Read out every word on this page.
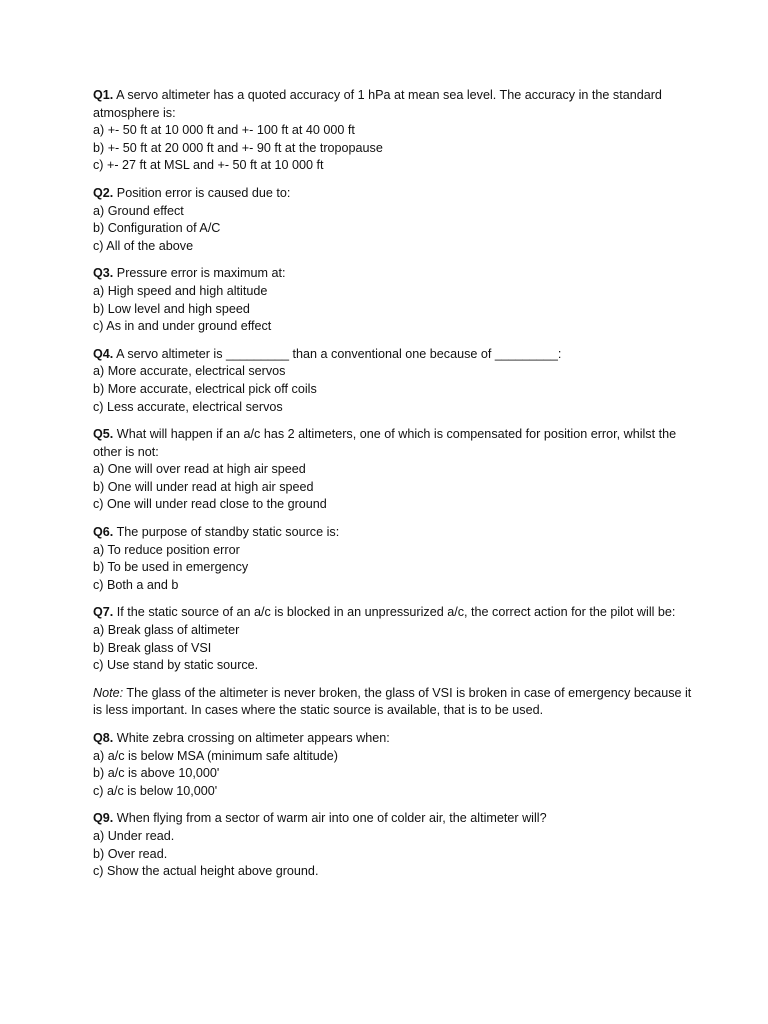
Q1. A servo altimeter has a quoted accuracy of 1 hPa at mean sea level. The accuracy in the standard atmosphere is:
a) +- 50 ft at 10 000 ft and +- 100 ft at 40 000 ft
b) +- 50 ft at 20 000 ft and +- 90 ft at the tropopause
c) +- 27 ft at MSL and +- 50 ft at 10 000 ft
Q2. Position error is caused due to:
a) Ground effect
b) Configuration of A/C
c) All of the above
Q3. Pressure error is maximum at:
a) High speed and high altitude
b) Low level and high speed
c) As in and under ground effect
Q4. A servo altimeter is _________ than a conventional one because of _________:
a) More accurate, electrical servos
b) More accurate, electrical pick off coils
c) Less accurate, electrical servos
Q5. What will happen if an a/c has 2 altimeters, one of which is compensated for position error, whilst the other is not:
a) One will over read at high air speed
b) One will under read at high air speed
c) One will under read close to the ground
Q6. The purpose of standby static source is:
a) To reduce position error
b) To be used in emergency
c) Both a and b
Q7. If the static source of an a/c is blocked in an unpressurized a/c, the correct action for the pilot will be:
a) Break glass of altimeter
b) Break glass of VSI
c) Use stand by static source.
Note: The glass of the altimeter is never broken, the glass of VSI is broken in case of emergency because it is less important. In cases where the static source is available, that is to be used.
Q8. White zebra crossing on altimeter appears when:
a) a/c is below MSA (minimum safe altitude)
b) a/c is above 10,000'
c) a/c is below 10,000'
Q9. When flying from a sector of warm air into one of colder air, the altimeter will?
a) Under read.
b) Over read.
c) Show the actual height above ground.
